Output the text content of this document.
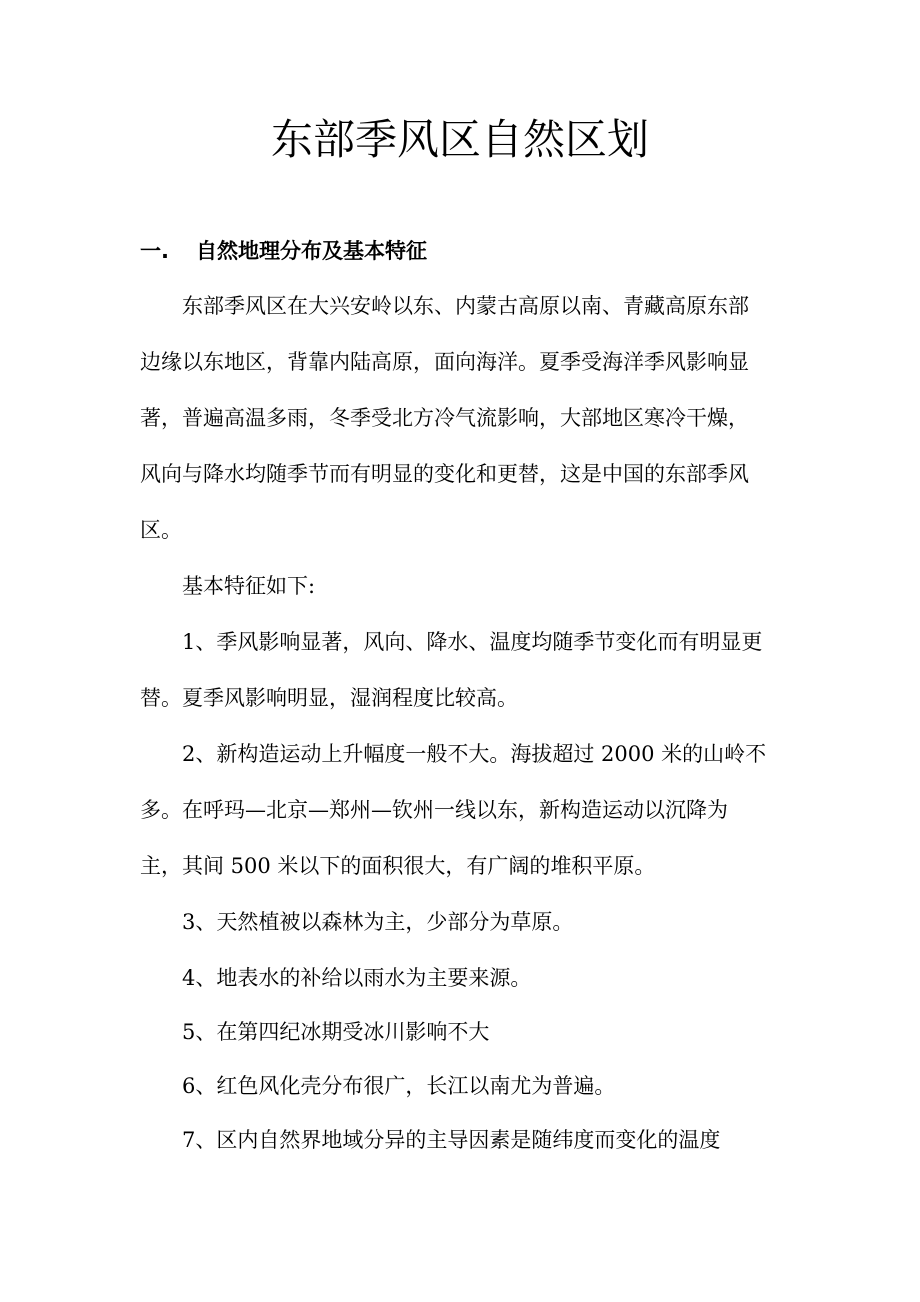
东部季风区自然区划
一. 自然地理分布及基本特征
东部季风区在大兴安岭以东、内蒙古高原以南、青藏高原东部
边缘以东地区，背靠内陆高原，面向海洋。夏季受海洋季风影响显
著，普遍高温多雨，冬季受北方冷气流影响，大部地区寒冷干燥，
风向与降水均随季节而有明显的变化和更替，这是中国的东部季风
区。
基本特征如下:
1、季风影响显著，风向、降水、温度均随季节变化而有明显更
替。夏季风影响明显，湿润程度比较高。
2、新构造运动上升幅度一般不大。海拔超过 2000 米的山岭不
多。在呼玛—北京—郑州—钦州一线以东，新构造运动以沉降为
主，其间 500 米以下的面积很大，有广阔的堆积平原。
3、天然植被以森林为主，少部分为草原。
4、地表水的补给以雨水为主要来源。
5、在第四纪冰期受冰川影响不大
6、红色风化壳分布很广，长江以南尤为普遍。
7、区内自然界地域分异的主导因素是随纬度而变化的温度
